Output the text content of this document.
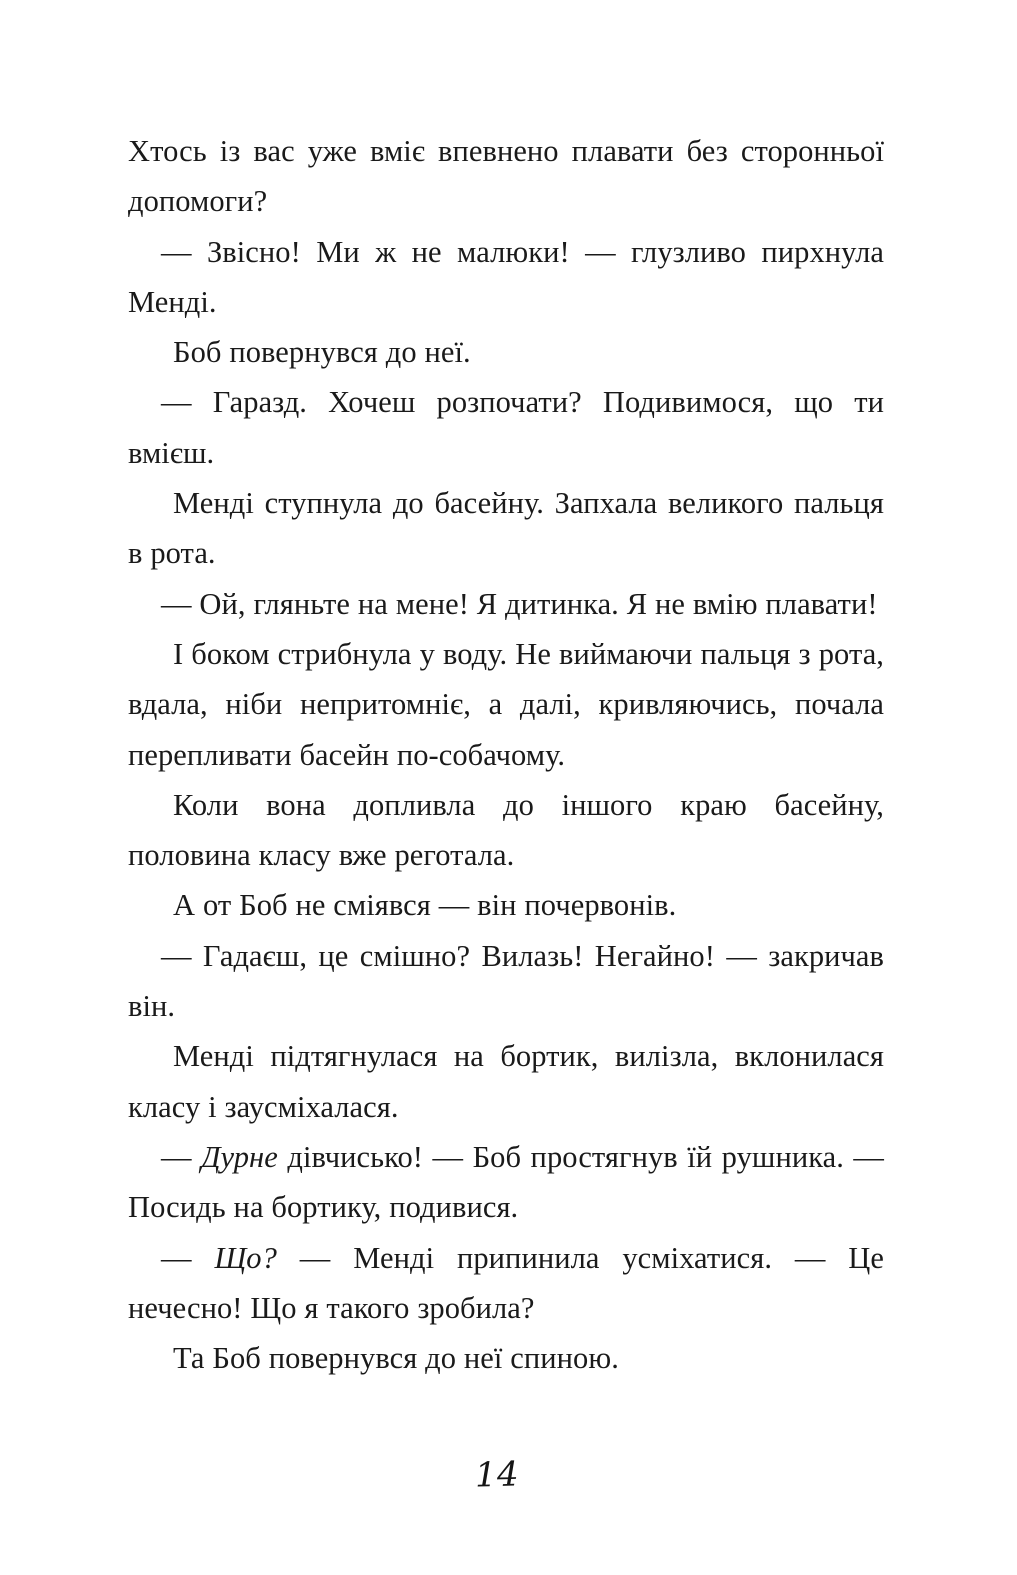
Хтось із вас уже вміє впевнено плавати без сторонньої допомоги?

— Звісно! Ми ж не малюки! — глузливо пирхнула Менді.

Боб повернувся до неї.

— Гаразд. Хочеш розпочати? Подивимося, що ти вмієш.

Менді ступнула до басейну. Запхала великого пальця в рота.

— Ой, гляньте на мене! Я дитинка. Я не вмію плавати!

І боком стрибнула у воду. Не виймаючи пальця з рота, вдала, ніби непритомніє, а далі, кривляючись, почала перепливати басейн по-собачому.

Коли вона допливла до іншого краю басейну, половина класу вже реготала.

А от Боб не сміявся — він почервонів.

— Гадаєш, це смішно? Вилазь! Негайно! — закричав він.

Менді підтягнулася на бортик, вилізла, вклонилася класу і заусміхалася.

— Дурне дівчисько! — Боб простягнув їй рушника. — Посидь на бортику, подивися.

— Що? — Менді припинила усміхатися. — Це нечесно! Що я такого зробила?

Та Боб повернувся до неї спиною.

14
